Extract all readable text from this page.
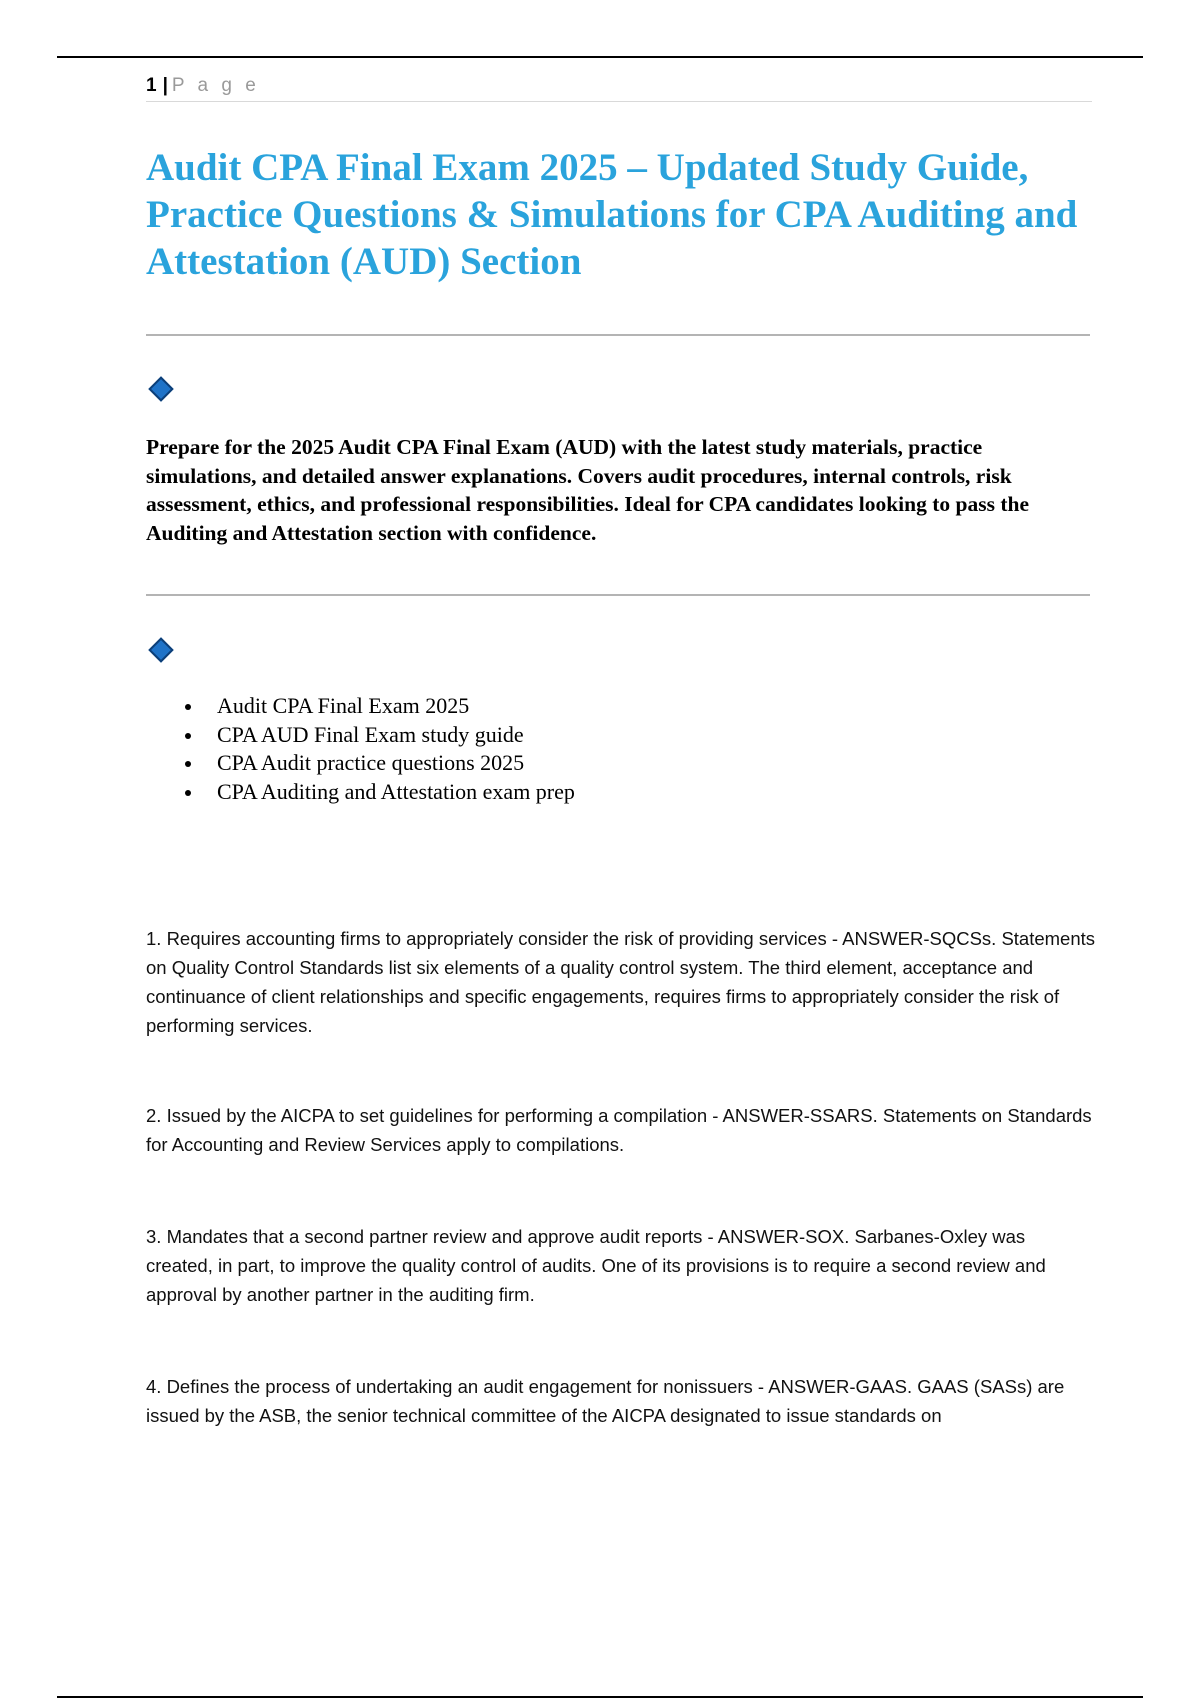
1 | P a g e
Audit CPA Final Exam 2025 – Updated Study Guide, Practice Questions & Simulations for CPA Auditing and Attestation (AUD) Section

Prepare for the 2025 Audit CPA Final Exam (AUD) with the latest study materials, practice simulations, and detailed answer explanations. Covers audit procedures, internal controls, risk assessment, ethics, and professional responsibilities. Ideal for CPA candidates looking to pass the Auditing and Attestation section with confidence.

Audit CPA Final Exam 2025
CPA AUD Final Exam study guide
CPA Audit practice questions 2025
CPA Auditing and Attestation exam prep

1. Requires accounting firms to appropriately consider the risk of providing services - ANSWER-SQCSs. Statements on Quality Control Standards list six elements of a quality control system. The third element, acceptance and continuance of client relationships and specific engagements, requires firms to appropriately consider the risk of performing services.

2. Issued by the AICPA to set guidelines for performing a compilation - ANSWER-SSARS. Statements on Standards for Accounting and Review Services apply to compilations.

3. Mandates that a second partner review and approve audit reports - ANSWER-SOX. Sarbanes-Oxley was created, in part, to improve the quality control of audits. One of its provisions is to require a second review and approval by another partner in the auditing firm.

4. Defines the process of undertaking an audit engagement for nonissuers - ANSWER-GAAS. GAAS (SASs) are issued by the ASB, the senior technical committee of the AICPA designated to issue standards on
